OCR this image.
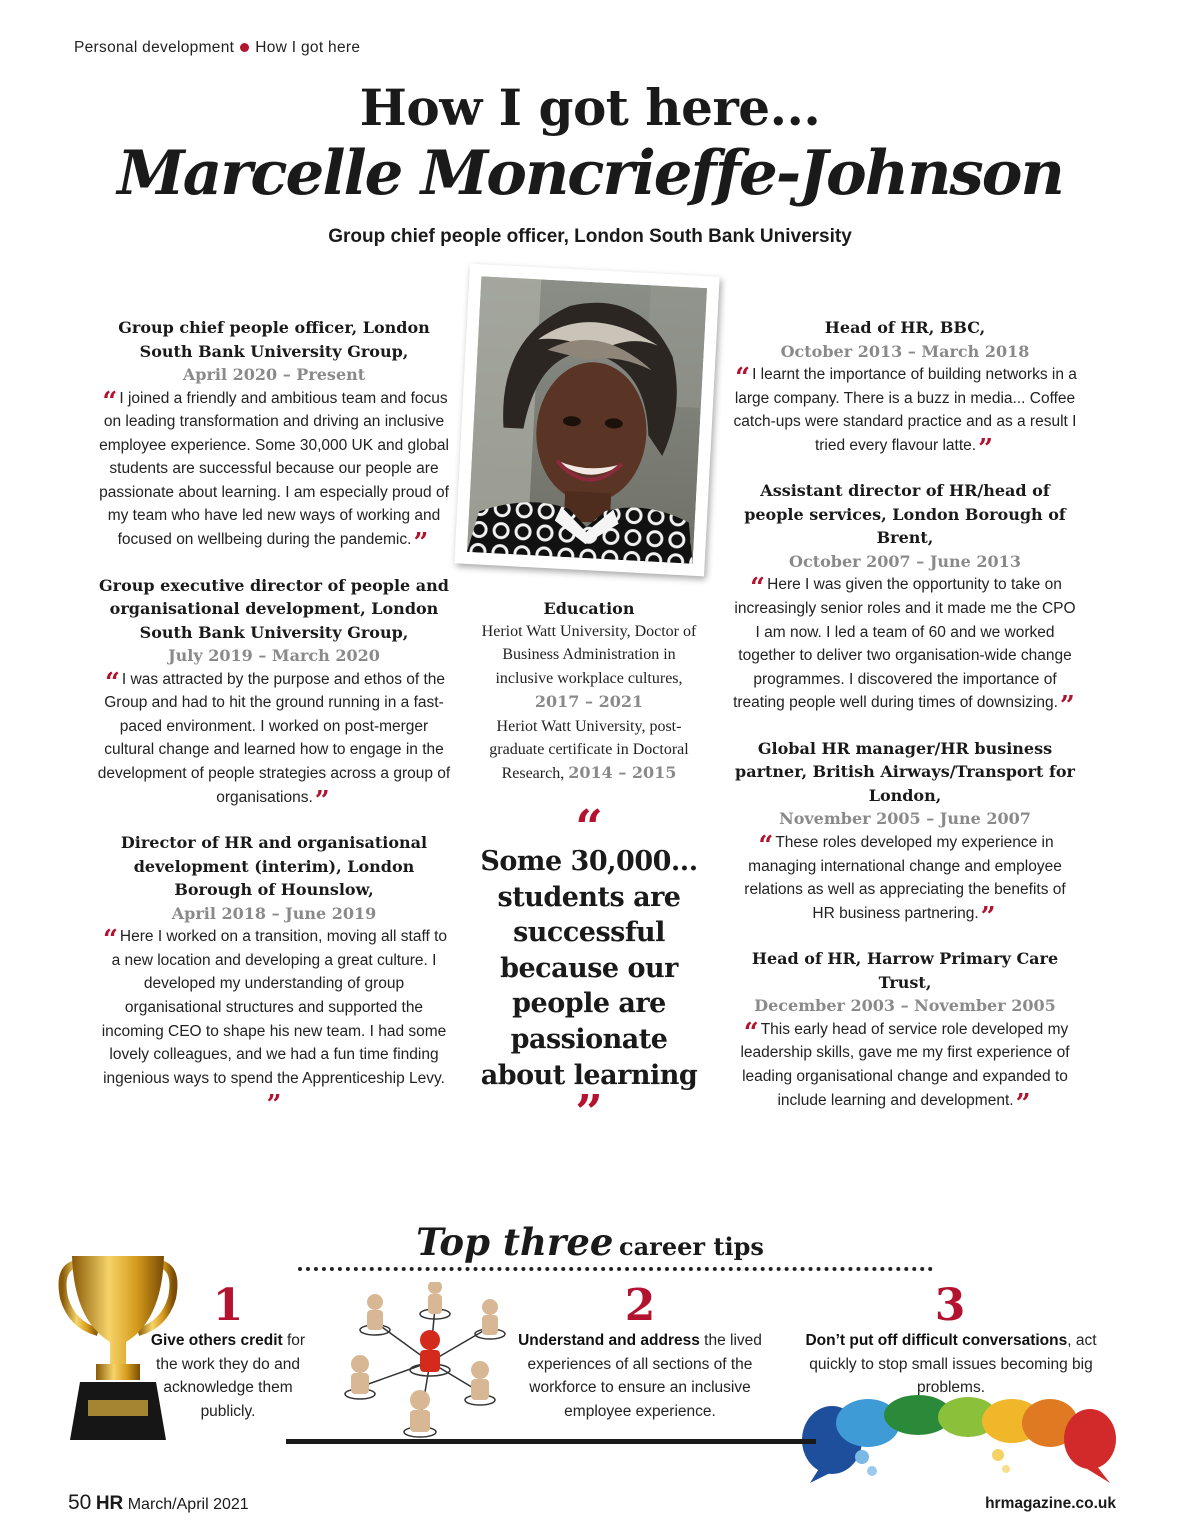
Personal development How I got here
How I got here...
Marcelle Moncrieffe-Johnson
Group chief people officer, London South Bank University
Group chief people officer, London South Bank University Group,
April 2020 – Present
“ I joined a friendly and ambitious team and focus on leading transformation and driving an inclusive employee experience. Some 30,000 UK and global students are successful because our people are passionate about learning. I am especially proud of my team who have led new ways of working and focused on wellbeing during the pandemic.”
Group executive director of people and organisational development, London South Bank University Group,
July 2019 – March 2020
“ I was attracted by the purpose and ethos of the Group and had to hit the ground running in a fast-paced environment. I worked on post-merger cultural change and learned how to engage in the development of people strategies across a group of organisations.”
Director of HR and organisational development (interim), London Borough of Hounslow,
April 2018 – June 2019
“ Here I worked on a transition, moving all staff to a new location and developing a great culture. I developed my understanding of group organisational structures and supported the incoming CEO to shape his new team. I had some lovely colleagues, and we had a fun time finding ingenious ways to spend the Apprenticeship Levy.”
Education
Heriot Watt University, Doctor of Business Administration in inclusive workplace cultures, 2017 – 2021
Heriot Watt University, post-graduate certificate in Doctoral Research, 2014 – 2015
“
Some 30,000... students are successful because our people are passionate about learning
”
Head of HR, BBC,
October 2013 – March 2018
“ I learnt the importance of building networks in a large company. There is a buzz in media... Coffee catch-ups were standard practice and as a result I tried every flavour latte.”
Assistant director of HR/head of people services, London Borough of Brent,
October 2007 – June 2013
“ Here I was given the opportunity to take on increasingly senior roles and it made me the CPO I am now. I led a team of 60 and we worked together to deliver two organisation-wide change programmes. I discovered the importance of treating people well during times of downsizing.”
Global HR manager/HR business partner, British Airways/Transport for London,
November 2005 – June 2007
“ These roles developed my experience in managing international change and employee relations as well as appreciating the benefits of HR business partnering.”
Head of HR, Harrow Primary Care Trust,
December 2003 – November 2005
“ This early head of service role developed my leadership skills, gave me my first experience of leading organisational change and expanded to include learning and development.”
Top three career tips
1
Give others credit for the work they do and acknowledge them publicly.
2
Understand and address the lived experiences of all sections of the workforce to ensure an inclusive employee experience.
3
Don’t put off difficult conversations, act quickly to stop small issues becoming big problems.
50 HR March/April 2021	hrmagazine.co.uk
